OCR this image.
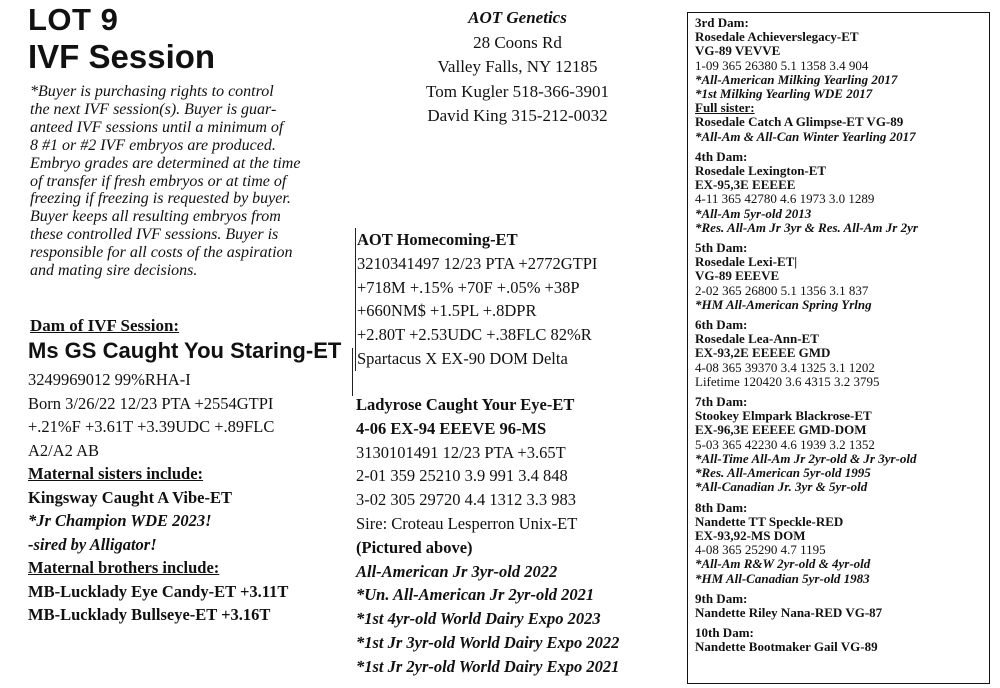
LOT 9
IVF Session
*Buyer is purchasing rights to control
the next IVF session(s). Buyer is guar-
anteed IVF sessions until a minimum of
8 #1 or #2 IVF embryos are produced.
Embryo grades are determined at the time
of transfer if fresh embryos or at time of
freezing if freezing is requested by buyer.
Buyer keeps all resulting embryos from
these controlled IVF sessions. Buyer is
responsible for all costs of the aspiration
and mating sire decisions.
AOT Genetics
28 Coons Rd
Valley Falls, NY 12185
Tom Kugler 518-366-3901
David King 315-212-0032
Dam of IVF Session:
Ms GS Caught You Staring-ET
3249969012 99%RHA-I
Born 3/26/22 12/23 PTA +2554GTPI
+.21%F +3.61T +3.39UDC +.89FLC
A2/A2 AB
Maternal sisters include:
Kingsway Caught A Vibe-ET
*Jr Champion WDE 2023!
-sired by Alligator!
Maternal brothers include:
MB-Lucklady Eye Candy-ET +3.11T
MB-Lucklady Bullseye-ET +3.16T
AOT Homecoming-ET
3210341497 12/23 PTA +2772GTPI
+718M +.15% +70F +.05% +38P
+660NM$ +1.5PL +.8DPR
+2.80T +2.53UDC +.38FLC 82%R
Spartacus X EX-90 DOM Delta
Ladyrose Caught Your Eye-ET
4-06 EX-94 EEEVE 96-MS
3130101491 12/23 PTA +3.65T
2-01 359 25210 3.9 991 3.4 848
3-02 305 29720 4.4 1312 3.3 983
Sire: Croteau Lesperron Unix-ET
(Pictured above)
All-American Jr 3yr-old 2022
*Un. All-American Jr 2yr-old 2021
*1st 4yr-old World Dairy Expo 2023
*1st Jr 3yr-old World Dairy Expo 2022
*1st Jr 2yr-old World Dairy Expo 2021
3rd Dam:
Rosedale Achieverslegacy-ET
VG-89 VEVVE
1-09 365 26380 5.1 1358 3.4 904
*All-American Milking Yearling 2017
*1st Milking Yearling WDE 2017
Full sister:
Rosedale Catch A Glimpse-ET VG-89
*All-Am & All-Can Winter Yearling 2017
4th Dam:
Rosedale Lexington-ET
EX-95,3E EEEEE
4-11 365 42780 4.6 1973 3.0 1289
*All-Am 5yr-old 2013
*Res. All-Am Jr 3yr & Res. All-Am Jr 2yr
5th Dam:
Rosedale Lexi-ET|
VG-89 EEEVE
2-02 365 26800 5.1 1356 3.1 837
*HM All-American Spring Yrlng
6th Dam:
Rosedale Lea-Ann-ET
EX-93,2E EEEEE GMD
4-08 365 39370 3.4 1325 3.1 1202
Lifetime 120420 3.6 4315 3.2 3795
7th Dam:
Stookey Elmpark Blackrose-ET
EX-96,3E EEEEE GMD-DOM
5-03 365 42230 4.6 1939 3.2 1352
*All-Time All-Am Jr 2yr-old & Jr 3yr-old
*Res. All-American 5yr-old 1995
*All-Canadian Jr. 3yr & 5yr-old
8th Dam:
Nandette TT Speckle-RED
EX-93,92-MS DOM
4-08 365 25290 4.7 1195
*All-Am R&W 2yr-old & 4yr-old
*HM All-Canadian 5yr-old 1983
9th Dam:
Nandette Riley Nana-RED VG-87
10th Dam:
Nandette Bootmaker Gail VG-89
